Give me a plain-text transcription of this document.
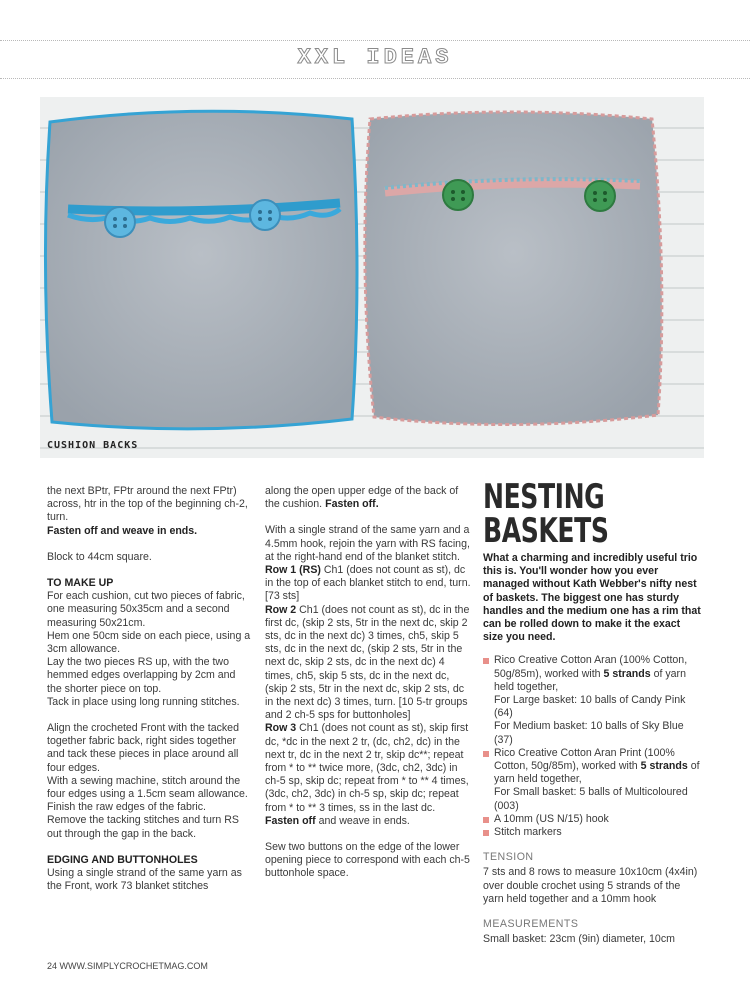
XXL IDEAS
CUSHION BACKS

the next BPtr, FPtr around the next FPtr) across, htr in the top of the beginning ch-2, turn.
Fasten off and weave in ends.

Block to 44cm square.

TO MAKE UP
For each cushion, cut two pieces of fabric, one measuring 50x35cm and a second measuring 50x21cm.
Hem one 50cm side on each piece, using a 3cm allowance.
Lay the two pieces RS up, with the two hemmed edges overlapping by 2cm and the shorter piece on top.

Tack in place using long running stitches.

Align the crocheted Front with the tacked together fabric back, right sides together and tack these pieces in place around all four edges.
With a sewing machine, stitch around the four edges using a 1.5cm seam allowance.
Finish the raw edges of the fabric.

Remove the tacking stitches and turn RS out through the gap in the back.

EDGING AND BUTTONHOLES
Using a single strand of the same yarn as the Front, work 73 blanket stitches

along the open upper edge of the back of the cushion. Fasten off.

With a single strand of the same yarn and a 4.5mm hook, rejoin the yarn with RS facing, at the right-hand end of the blanket stitch.
Row 1 (RS) Ch1 (does not count as st), dc in the top of each blanket stitch to end, turn. [73 sts]
Row 2 Ch1 (does not count as st), dc in the first dc, (skip 2 sts, 5tr in the next dc, skip 2 sts, dc in the next dc) 3 times, ch5, skip 5 sts, dc in the next dc, (skip 2 sts, 5tr in the next dc, skip 2 sts, dc in the next dc) 4 times, ch5, skip 5 sts, dc in the next dc, (skip 2 sts, 5tr in the next dc, skip 2 sts, dc in the next dc) 3 times, turn. [10 5-tr groups and 2 ch-5 sps for buttonholes]

Row 3 Ch1 (does not count as st), skip first dc, *dc in the next 2 tr, (dc, ch2, dc) in the next tr, dc in the next 2 tr, skip dc**; repeat from * to ** twice more, (3dc, ch2, 3dc) in ch-5 sp, skip dc; repeat from * to ** 4 times, (3dc, ch2, 3dc) in ch-5 sp, skip dc; repeat from * to ** 3 times, ss in the last dc.
Fasten off and weave in ends.

Sew two buttons on the edge of the lower opening piece to correspond with each ch-5 buttonhole space.
NESTING BASKETS
What a charming and incredibly useful trio this is. You'll wonder how you ever managed without Kath Webber's nifty nest of baskets. The biggest one has sturdy handles and the medium one has a rim that can be rolled down to make it the exact size you need.
Rico Creative Cotton Aran (100% Cotton, 50g/85m), worked with 5 strands of yarn held together,
For Large basket: 10 balls of Candy Pink (64)
For Medium basket: 10 balls of Sky Blue (37)
Rico Creative Cotton Aran Print (100% Cotton, 50g/85m), worked with 5 strands of yarn held together,
For Small basket: 5 balls of Multicoloured (003)
A 10mm (US N/15) hook
Stitch markers
TENSION
7 sts and 8 rows to measure 10x10cm (4x4in) over double crochet using 5 strands of the yarn held together and a 10mm hook
MEASUREMENTS
Small basket: 23cm (9in) diameter, 10cm
24 WWW.SIMPLYCROCHETMAG.COM
